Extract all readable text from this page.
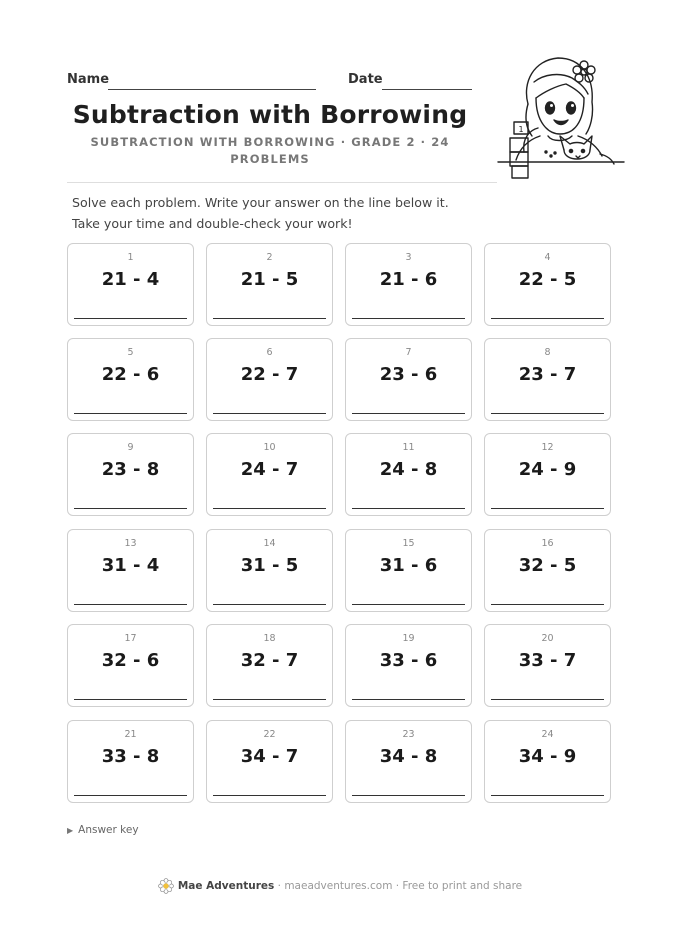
Name	Date
Subtraction with Borrowing
SUBTRACTION WITH BORROWING · GRADE 2 · 24 PROBLEMS
1
Solve each problem. Write your answer on the line below it. Take your time and double-check your work!
1
21 - 4
2
21 - 5
3
21 - 6
4
22 - 5
5
22 - 6
6
22 - 7
7
23 - 6
8
23 - 7
9
23 - 8
10
24 - 7
11
24 - 8
12
24 - 9
13
31 - 4
14
31 - 5
15
31 - 6
16
32 - 5
17
32 - 6
18
32 - 7
19
33 - 6
20
33 - 7
21
33 - 8
22
34 - 7
23
34 - 8
24
34 - 9
▶ Answer key
Mae Adventures · maeadventures.com · Free to print and share
